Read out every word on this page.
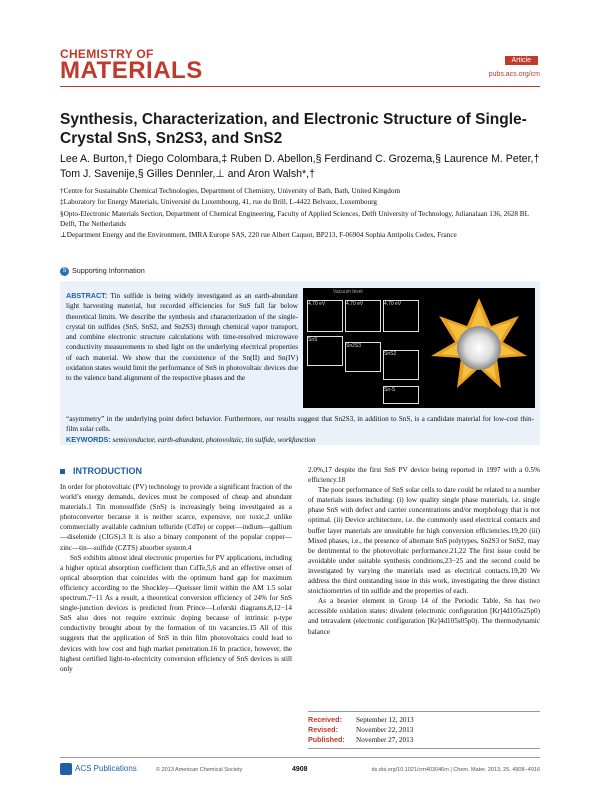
CHEMISTRY OF
MATERIALS	Article
pubs.acs.org/cm
Synthesis, Characterization, and Electronic Structure of Single-Crystal SnS, Sn2S3, and SnS2
Lee A. Burton,† Diego Colombara,‡ Ruben D. Abellon,§ Ferdinand C. Grozema,§ Laurence M. Peter,† Tom J. Savenije,§ Gilles Dennler,⊥ and Aron Walsh*,†
†Centre for Sustainable Chemical Technologies, Department of Chemistry, University of Bath, Bath, United Kingdom
‡Laboratory for Energy Materials, Université du Luxembourg, 41, rue du Brill, L-4422 Belvaux, Luxembourg
§Opto-Electronic Materials Section, Department of Chemical Engineering, Faculty of Applied Sciences, Delft University of Technology, Julianalaan 136, 2628 BL Delft, The Netherlands
⊥Department Energy and the Environment, IMRA Europe SAS, 220 rue Albert Caquot, BP213, F-06904 Sophia Antipolis Cedex, France
S Supporting Information
ABSTRACT: Tin sulfide is being widely investigated as an earth-abundant light harvesting material, but recorded efficiencies for SnS fall far below theoretical limits. We describe the synthesis and characterization of the single-crystal tin sulfides (SnS, SnS2, and Sn2S3) through chemical vapor transport, and combine electronic structure calculations with time-resolved microwave conductivity measurements to shed light on the underlying electrical properties of each material. We show that the coexistence of the Sn(II) and Sn(IV) oxidation states would limit the performance of SnS in photovoltaic devices due to the valence band alignment of the respective phases and the
Vacuum level
4.70 eV	4.70 eV	4.70 eV
SnS
Sn2S3
SnS2
Sn-S
“asymmetry” in the underlying point defect behavior. Furthermore, our results suggest that Sn2S3, in addition to SnS, is a candidate material for low-cost thin-film solar cells.
KEYWORDS: semiconductor, earth-abundant, photovoltaic, tin sulfide, workfunction
INTRODUCTION

In order for photovoltaic (PV) technology to provide a significant fraction of the world’s energy demands, devices must be composed of cheap and abundant materials.1 Tin monosulfide (SnS) is increasingly being investigated as a photoconverter because it is neither scarce, expensive, nor toxic,2 unlike commercially available cadmium telluride (CdTe) or copper—indium—gallium—diselenide (CIGS).3 It is also a binary component of the popular copper—zinc—tin—sulfide (CZTS) absorber system.4

SnS exhibits almost ideal electronic properties for PV applications, including a higher optical absorption coefficient than CdTe,5,6 and an effective onset of optical absorption that coincides with the optimum band gap for maximum efficiency according to the Shockley—Queisser limit within the AM 1.5 solar spectrum.7−11 As a result, a theoretical conversion efficiency of 24% for SnS single-junction devices is predicted from Prince—Loferski diagrams.8,12−14 SnS also does not require extrinsic doping because of intrinsic p-type conductivity brought about by the formation of tin vacancies.15 All of this suggests that the application of SnS in thin film photovoltaics could lead to devices with low cost and high market penetration.16 In practice, however, the highest certified light-to-electricity conversion efficiency of SnS devices is still only

2.0%,17 despite the first SnS PV device being reported in 1997 with a 0.5% efficiency.18

The poor performance of SnS solar cells to date could be related to a number of materials issues including: (i) low quality single phase materials, i.e. single phase SnS with defect and carrier concentrations and/or morphology that is not optimal. (ii) Device architecture, i.e. the commonly used electrical contacts and buffer layer materials are unsuitable for high conversion efficiencies.19,20 (iii) Mixed phases, i.e., the presence of alternate SnS polytypes, Sn2S3 or SnS2, may be detrimental to the photovoltaic performance.21,22 The first issue could be avoidable under suitable synthesis conditions,23−25 and the second could be investigated by varying the materials used as electrical contacts.19,20 We address the third outstanding issue in this work, investigating the three distinct stoichiometries of tin sulfide and the properties of each.

As a heavier element in Group 14 of the Periodic Table, Sn has two accessible oxidation states: divalent (electronic configuration [Kr]4d105s25p0) and tetravalent (electronic configuration [Kr]4d105s05p0). The thermodynamic balance

Received: September 12, 2013
Revised:	November 22, 2013
Published: November 27, 2013
ACS Publications	© 2013 American Chemical Society	4908	dx.doi.org/10.1021/cm403046m | Chem. Mater. 2013, 25, 4908−4916
